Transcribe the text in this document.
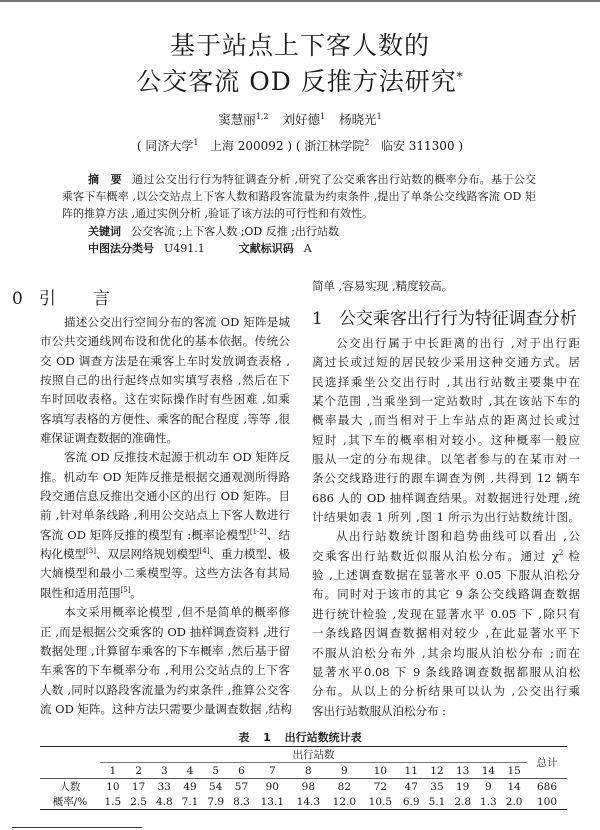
基于站点上下客人数的
公交客流 OD 反推方法研究*
窦慧丽$^{1,2}$ 刘好德$^1$ 杨晓光$^1$
( 同济大学$^1$ 上海 200092 ) ( 浙江林学院$^2$ 临安 311300 )
摘　要 通过公交出行行为特征调查分析 ,研究了公交乘客出行站数的概率分布。基于公交
乘客下车概率 ,以公交站点上下客人数和路段客流量为约束条件 ,提出了单条公交线路客流 OD 矩
阵的推算方法 ,通过实例分析 ,验证了该方法的可行性和有效性。
关键词 公交客流 ;上下客人数 ;OD 反推 ;出行站数
中图法分类号 U491.1	文献标识码 A
0 引　言
描述公交出行空间分布的客流 OD 矩阵是城
市公共交通线网布设和优化的基本依据。传统公
交 OD 调查方法是在乘客上车时发放调查表格 ,
按照自己的出行起终点如实填写表格 ,然后在下
车时回收表格。这在实际操作时有些困难 ,如乘
客填写表格的方便性、乘客的配合程度 ,等等 ,很
难保证调查数据的准确性。
客流 OD 反推技术起源于机动车 OD 矩阵反
推。机动车 OD 矩阵反推是根据交通观测所得路
段交通信息反推出交通小区的出行 OD 矩阵。目
前 ,针对单条线路 ,利用公交站点上下客人数进行
客流 OD 矩阵反推的模型有 :概率论模型[1-2]、结
构化模型[3]、双层网络规划模型[4]、重力模型、极
大熵模型和最小二乘模型等。这些方法各有其局
限性和适用范围[5]。
本文采用概率论模型 ,但不是简单的概率修
正 ,而是根据公交乘客的 OD 抽样调查资料 ,进行
数据处理 ,计算留车乘客的下车概率 ,然后基于留
车乘客的下车概率分布 ,利用公交站点的上下客
人数 ,同时以路段客流量为约束条件 ,推算公交客
流 OD 矩阵。这种方法只需要少量调查数据 ,结构
简单 ,容易实现 ,精度较高。
1 公交乘客出行行为特征调查分析
公交出行属于中长距离的出行 ,对于出行距
离过长或过短的居民较少采用这种交通方式。居
民选择乘坐公交出行时 ,其出行站数主要集中在
某个范围 ,当乘坐到一定站数时 ,其在该站下车的
概率最大 ,而当相对于上车站点的距离过长或过
短时 ,其下车的概率相对较小。这种概率一般应
服从一定的分布规律。以笔者参与的在某市对一
条公交线路进行的跟车调查为例 ,共得到 12 辆车
686 人的 OD 抽样调查结果。对数据进行处理 ,统
计结果如表 1 所列 ,图 1 所示为出行站数统计图。
从出行站数统计图和趋势曲线可以看出 ,公
交乘客出行站数近似服从泊松分布。通过 $\chi^2$ 检
验 ,上述调查数据在显著水平 0.05 下服从泊松分
布。同时对于该市的其它 9 条公交线路调查数据
进行统计检验 ,发现在显著水平 0.05 下 ,除只有
一条线路因调查数据相对较少 ,在此显著水平下
不服从泊松分布外 ,其余均服从泊松分布 ;而在
显著水平0.08 下 9 条线路调查数据都服从泊松
分布。从以上的分析结果可以认为 ,公交出行乘
客出行站数服从泊松分布 :
表 1 出行站数统计表
	出行站数															总计
	1	2	3	4	5	6	7	8	9	10	11	12	13	14	15	
人数	10	17	33	49	54	57	90	98	82	72	47	35	19	9	14	686
概率/%	1.5	2.5	4.8	7.1	7.9	8.3	13.1	14.3	12.0	10.5	6.9	5.1	2.8	1.3	2.0	100
